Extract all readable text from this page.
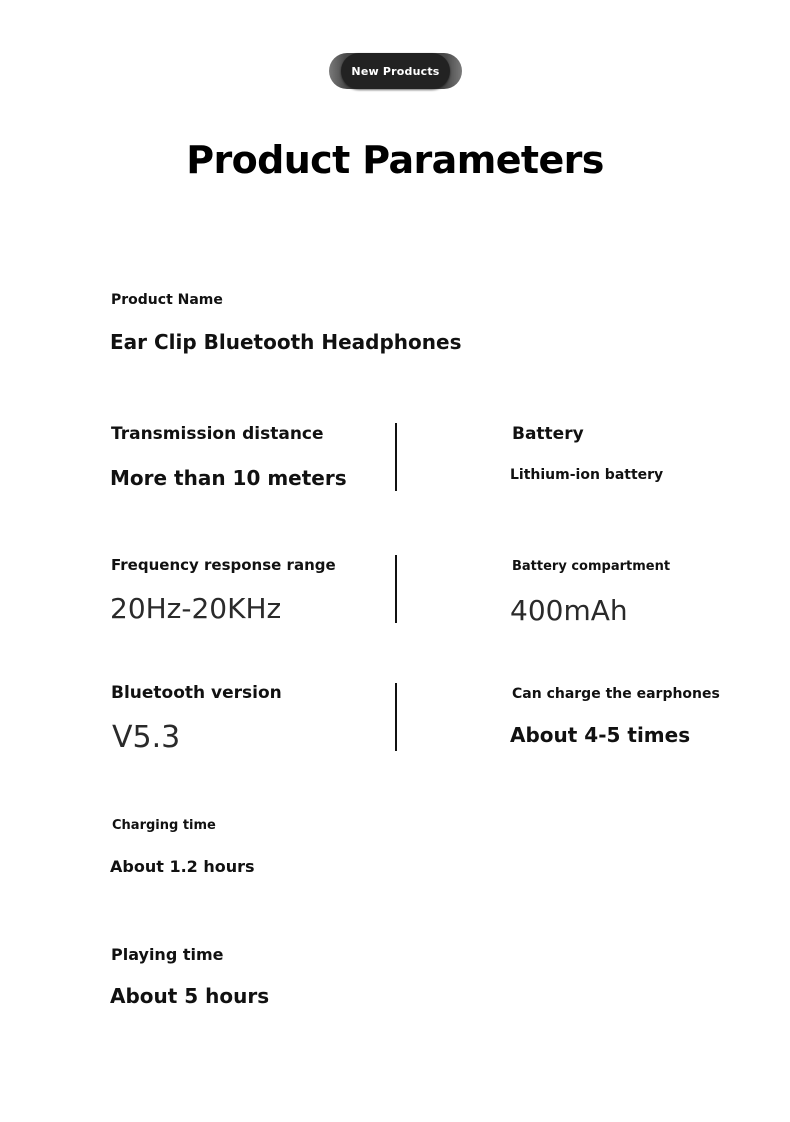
New Products
Product Parameters
Product Name
Ear Clip Bluetooth Headphones
Transmission distance
More than 10 meters
Battery
Lithium-ion battery
Frequency response range
20Hz-20KHz
Battery compartment
400mAh
Bluetooth version
V5.3
Can charge the earphones
About 4-5 times
Charging time
About 1.2 hours
Playing time
About 5 hours
